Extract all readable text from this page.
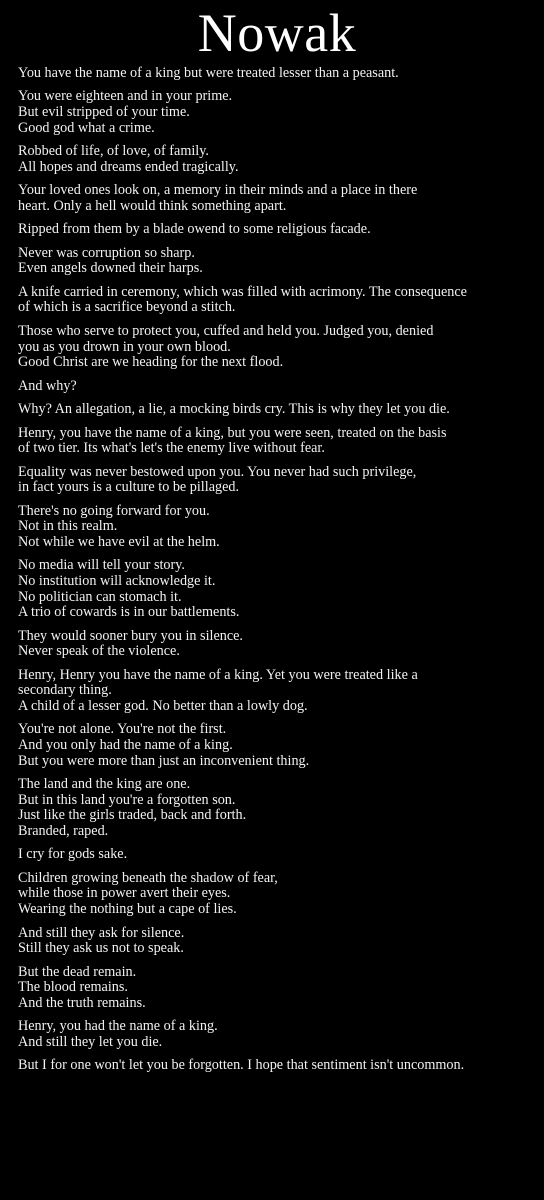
Nowak

You have the name of a king but were treated lesser than a peasant.

You were eighteen and in your prime.
But evil stripped of your time.
Good god what a crime.

Robbed of life, of love, of family.
All hopes and dreams ended tragically.

Your loved ones look on, a memory in their minds and a place in there
heart. Only a hell would think something apart.

Ripped from them by a blade owend to some religious facade.

Never was corruption so sharp.
Even angels downed their harps.

A knife carried in ceremony, which was filled with acrimony. The consequence
of which is a sacrifice beyond a stitch.

Those who serve to protect you, cuffed and held you. Judged you, denied
you as you drown in your own blood.
Good Christ are we heading for the next flood.

And why?

Why? An allegation, a lie, a mocking birds cry. This is why they let you die.

Henry, you have the name of a king, but you were seen, treated on the basis
of two tier. Its what's let's the enemy live without fear.

Equality was never bestowed upon you. You never had such privilege,
in fact yours is a culture to be pillaged.

There's no going forward for you.
Not in this realm.
Not while we have evil at the helm.

No media will tell your story.
No institution will acknowledge it.
No politician can stomach it.
A trio of cowards is in our battlements.

They would sooner bury you in silence.
Never speak of the violence.

Henry, Henry you have the name of a king. Yet you were treated like a
secondary thing.
A child of a lesser god. No better than a lowly dog.

You're not alone. You're not the first.
And you only had the name of a king.
But you were more than just an inconvenient thing.

The land and the king are one.
But in this land you're a forgotten son.
Just like the girls traded, back and forth.
Branded, raped.

I cry for gods sake.

Children growing beneath the shadow of fear,
while those in power avert their eyes.
Wearing the nothing but a cape of lies.

And still they ask for silence.
Still they ask us not to speak.

But the dead remain.
The blood remains.
And the truth remains.

Henry, you had the name of a king.
And still they let you die.

But I for one won't let you be forgotten. I hope that sentiment isn't uncommon.
